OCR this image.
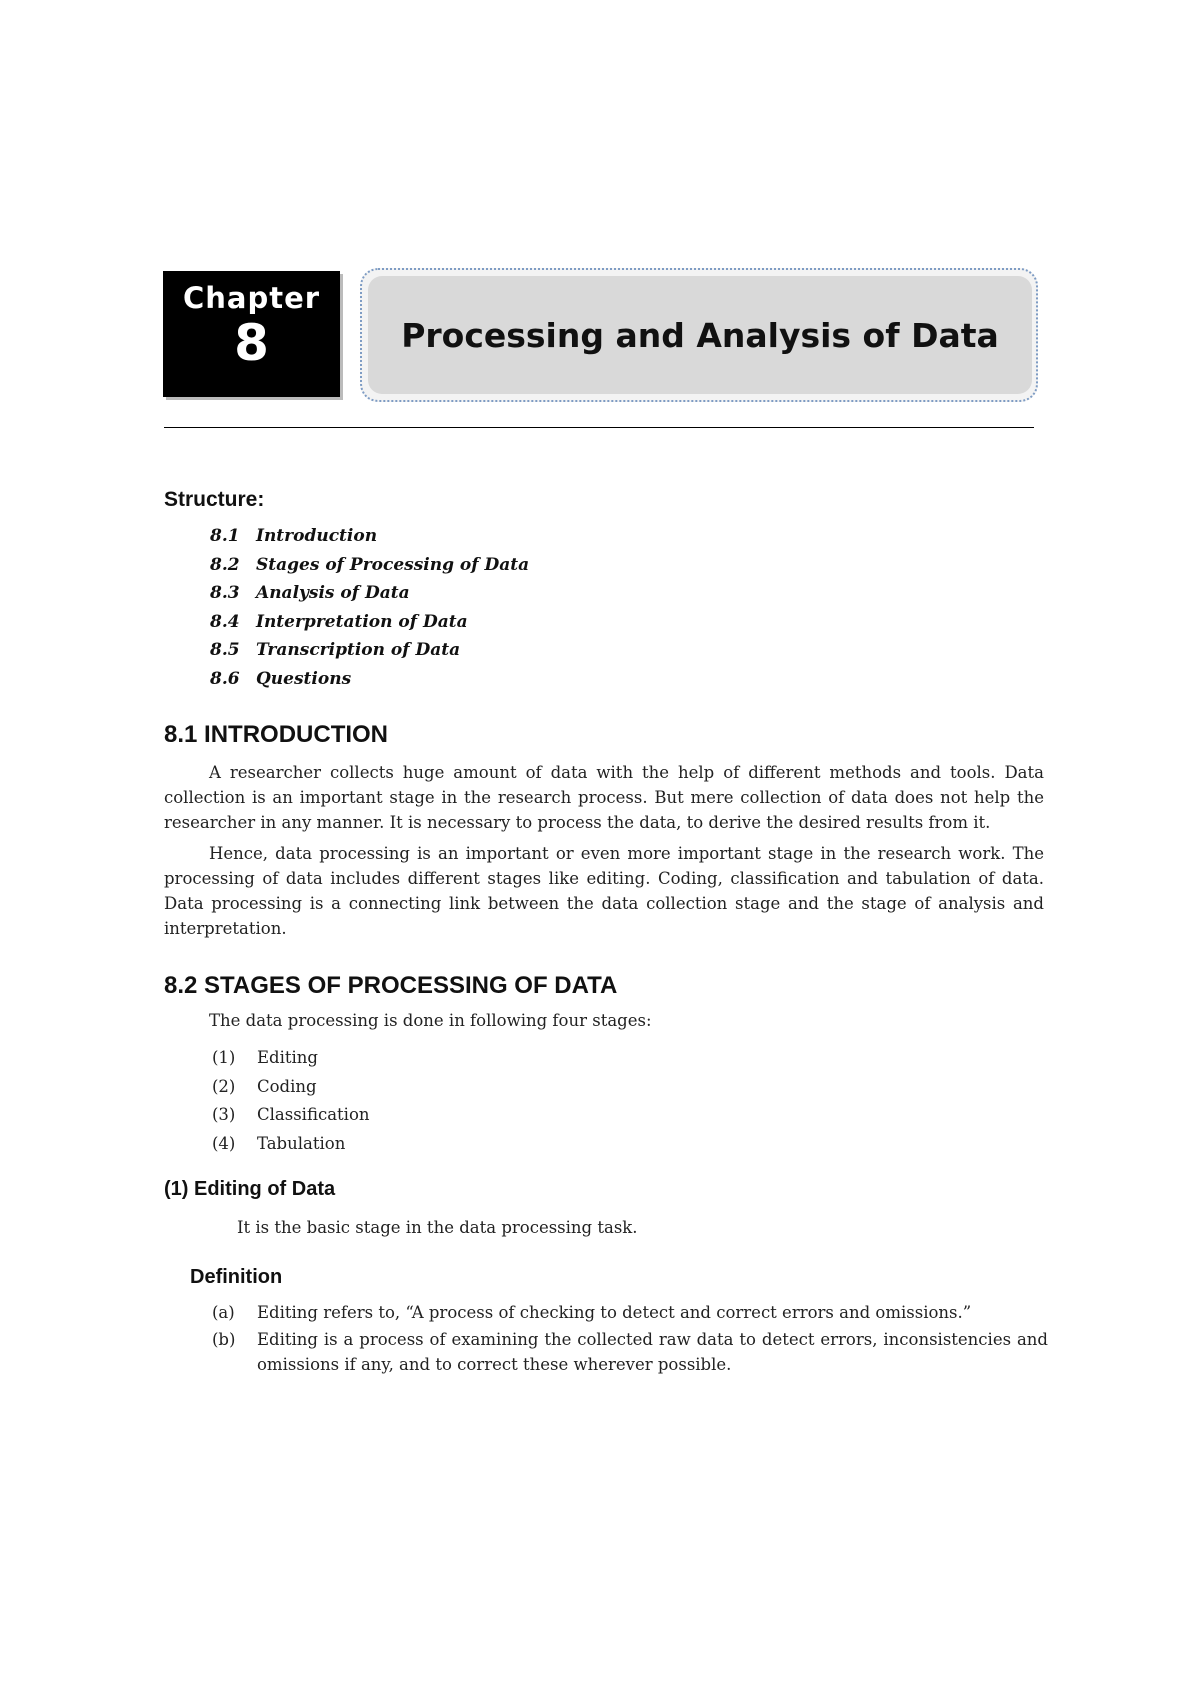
Chapter
8	Processing and Analysis of Data
Structure:
8.1 Introduction
8.2 Stages of Processing of Data
8.3 Analysis of Data
8.4 Interpretation of Data
8.5 Transcription of Data
8.6 Questions
8.1 INTRODUCTION

A researcher collects huge amount of data with the help of different methods and tools. Data collection is an important stage in the research process. But mere collection of data does not help the researcher in any manner. It is necessary to process the data, to derive the desired results from it.

Hence, data processing is an important or even more important stage in the research work. The processing of data includes different stages like editing. Coding, classification and tabulation of data. Data processing is a connecting link between the data collection stage and the stage of analysis and interpretation.

8.2 STAGES OF PROCESSING OF DATA
The data processing is done in following four stages:
(1) Editing
(2) Coding
(3) Classification
(4) Tabulation
(1) Editing of Data
It is the basic stage in the data processing task.
Definition
(a)	Editing refers to, “A process of checking to detect and correct errors and omissions.”
(b)	Editing is a process of examining the collected raw data to detect errors, inconsistencies and omissions if any, and to correct these wherever possible.
